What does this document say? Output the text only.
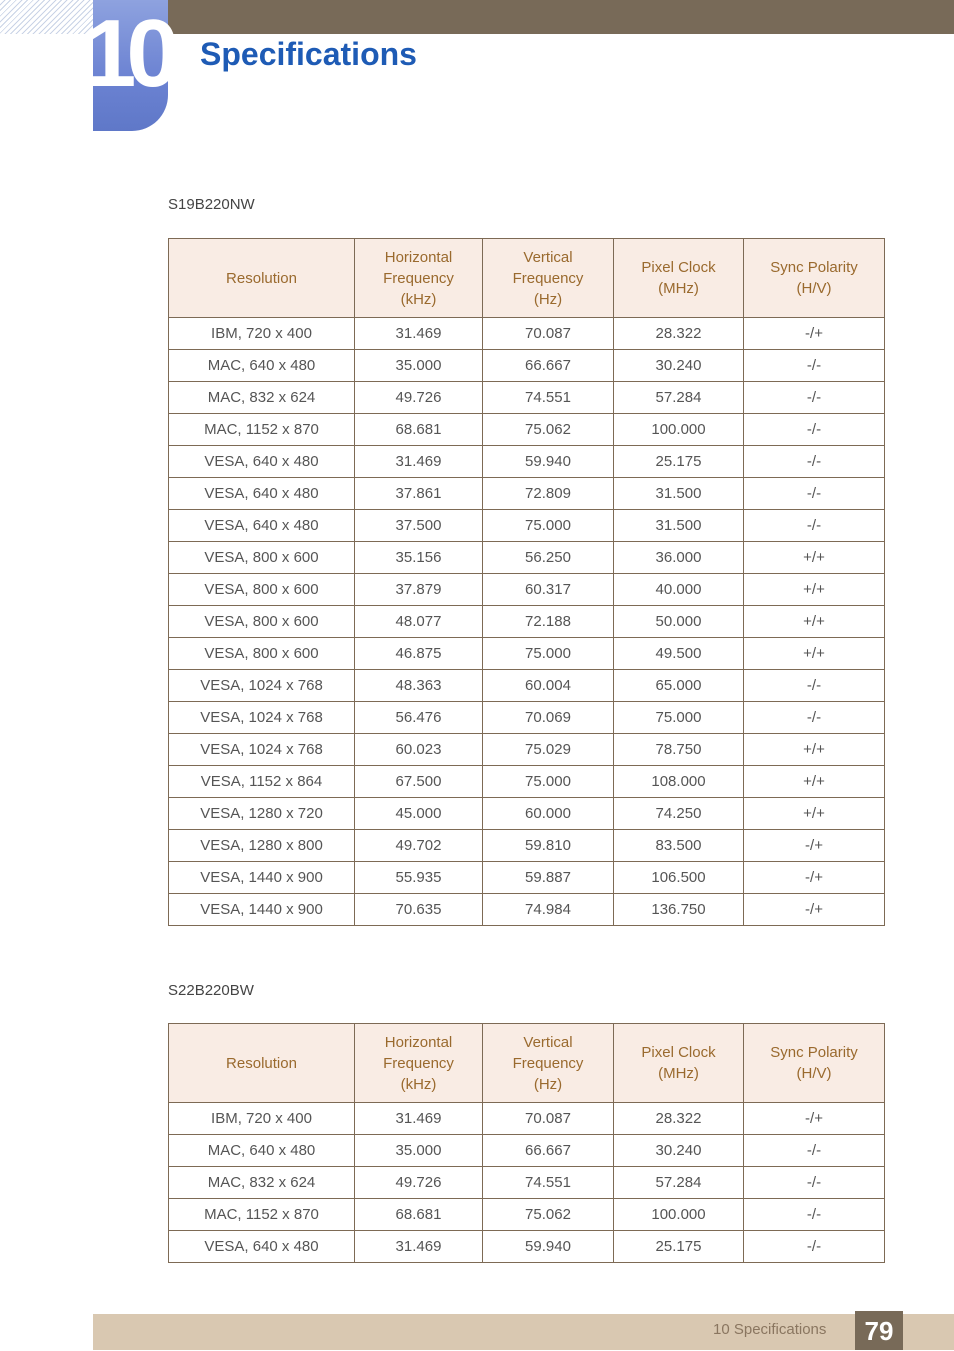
10 Specifications
S19B220NW
Resolution	Horizontal
Frequency
(kHz)	Vertical
Frequency
(Hz)	Pixel Clock
(MHz)	Sync Polarity
(H/V)
IBM, 720 x 400	31.469	70.087	28.322	-/+
MAC, 640 x 480	35.000	66.667	30.240	-/-
MAC, 832 x 624	49.726	74.551	57.284	-/-
MAC, 1152 x 870	68.681	75.062	100.000	-/-
VESA, 640 x 480	31.469	59.940	25.175	-/-
VESA, 640 x 480	37.861	72.809	31.500	-/-
VESA, 640 x 480	37.500	75.000	31.500	-/-
VESA, 800 x 600	35.156	56.250	36.000	+/+
VESA, 800 x 600	37.879	60.317	40.000	+/+
VESA, 800 x 600	48.077	72.188	50.000	+/+
VESA, 800 x 600	46.875	75.000	49.500	+/+
VESA, 1024 x 768	48.363	60.004	65.000	-/-
VESA, 1024 x 768	56.476	70.069	75.000	-/-
VESA, 1024 x 768	60.023	75.029	78.750	+/+
VESA, 1152 x 864	67.500	75.000	108.000	+/+
VESA, 1280 x 720	45.000	60.000	74.250	+/+
VESA, 1280 x 800	49.702	59.810	83.500	-/+
VESA, 1440 x 900	55.935	59.887	106.500	-/+
VESA, 1440 x 900	70.635	74.984	136.750	-/+
S22B220BW
Resolution	Horizontal
Frequency
(kHz)	Vertical
Frequency
(Hz)	Pixel Clock
(MHz)	Sync Polarity
(H/V)
IBM, 720 x 400	31.469	70.087	28.322	-/+
MAC, 640 x 480	35.000	66.667	30.240	-/-
MAC, 832 x 624	49.726	74.551	57.284	-/-
MAC, 1152 x 870	68.681	75.062	100.000	-/-
VESA, 640 x 480	31.469	59.940	25.175	-/-
10 Specifications	79
